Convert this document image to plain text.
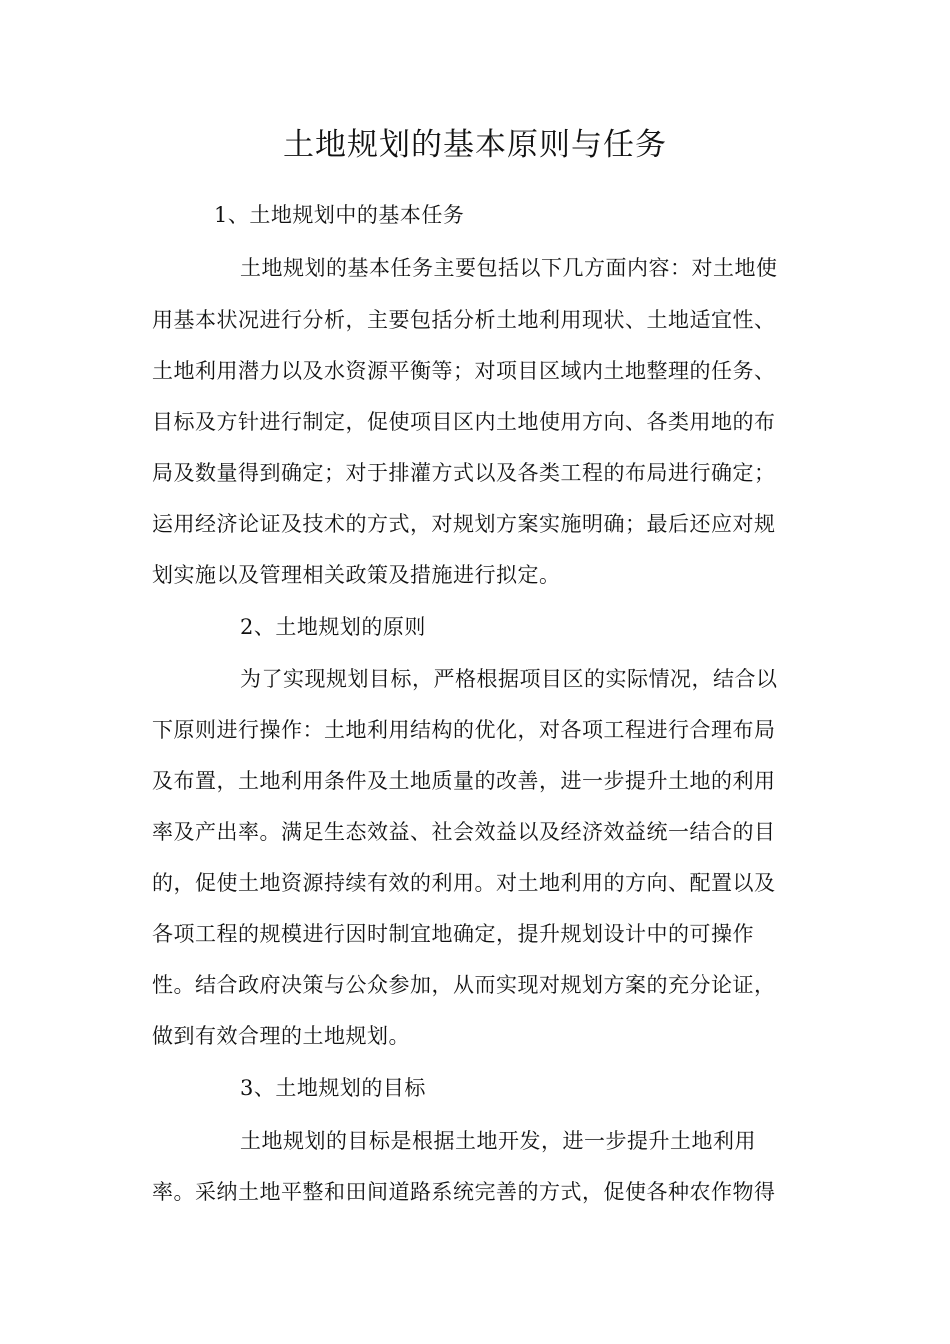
土地规划的基本原则与任务
1、土地规划中的基本任务
土地规划的基本任务主要包括以下几方面内容：对土地使
用基本状况进行分析，主要包括分析土地利用现状、土地适宜性、
土地利用潜力以及水资源平衡等；对项目区域内土地整理的任务、
目标及方针进行制定，促使项目区内土地使用方向、各类用地的布
局及数量得到确定；对于排灌方式以及各类工程的布局进行确定；
运用经济论证及技术的方式，对规划方案实施明确；最后还应对规
划实施以及管理相关政策及措施进行拟定。
2、土地规划的原则
为了实现规划目标，严格根据项目区的实际情况，结合以
下原则进行操作：土地利用结构的优化，对各项工程进行合理布局
及布置，土地利用条件及土地质量的改善，进一步提升土地的利用
率及产出率。满足生态效益、社会效益以及经济效益统一结合的目
的，促使土地资源持续有效的利用。对土地利用的方向、配置以及
各项工程的规模进行因时制宜地确定，提升规划设计中的可操作
性。结合政府决策与公众参加，从而实现对规划方案的充分论证，
做到有效合理的土地规划。
3、土地规划的目标
土地规划的目标是根据土地开发，进一步提升土地利用
率。采纳土地平整和田间道路系统完善的方式，促使各种农作物得
